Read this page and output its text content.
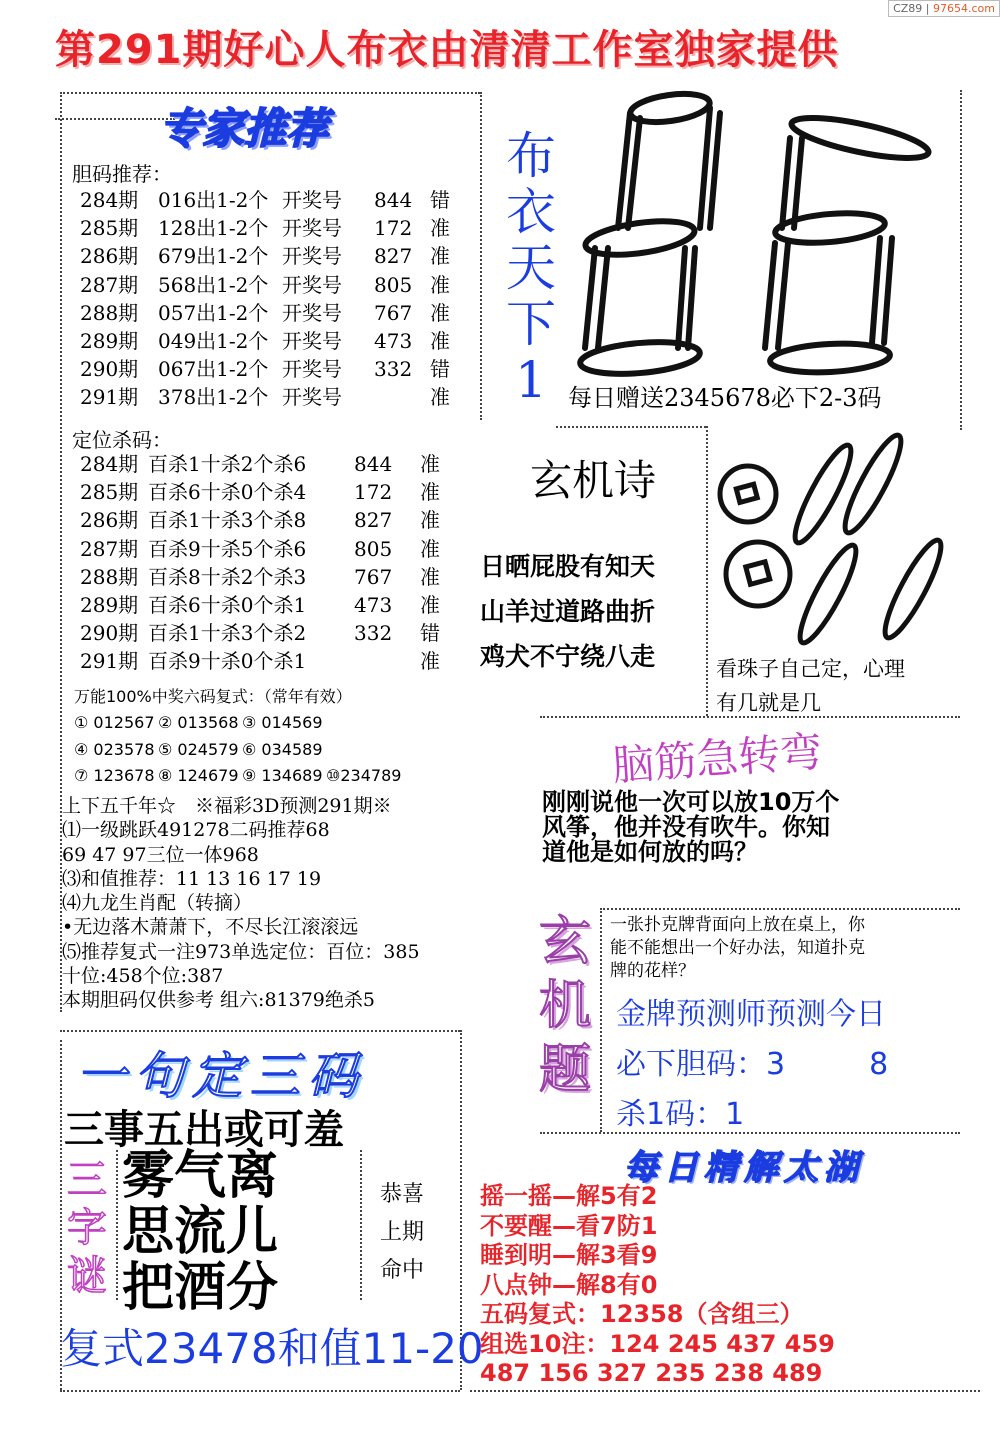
CZ89 | 97654.com
第291期好心人布衣由清清工作室独家提供
专家推荐
胆码推荐：
284期 016出1-2个 开奖号 844 错
285期 128出1-2个 开奖号 172 准
286期 679出1-2个 开奖号 827 准
287期 568出1-2个 开奖号 805 准
288期 057出1-2个 开奖号 767 准
289期 049出1-2个 开奖号 473 准
290期 067出1-2个 开奖号 332 错
291期 378出1-2个 开奖号	准
定位杀码：
284期 百杀1十杀2个杀6 844 准
285期 百杀6十杀0个杀4 172 准
286期 百杀1十杀3个杀8 827 准
287期 百杀9十杀5个杀6 805 准
288期 百杀8十杀2个杀3 767 准
289期 百杀6十杀0个杀1 473 准
290期 百杀1十杀3个杀2 332 错
291期 百杀9十杀0个杀1	准
万能100%中奖六码复式：（常年有效）
① 012567 ② 013568 ③ 014569
④ 023578 ⑤ 024579 ⑥ 034589
⑦ 123678 ⑧ 124679 ⑨ 134689 ⑩234789
上下五千年☆　※福彩3D预测291期※
⑴一级跳跃491278二码推荐68
69 47 97三位一体968
⑶和值推荐：11 13 16 17 19
⑷九龙生肖配（转摘）
•无边落木萧萧下，不尽长江滚滚远
⑸推荐复式一注973单选定位：百位：385
十位:458个位:387
本期胆码仅供参考 组六:81379绝杀5
布
衣
天
下
1 每日赠送2345678必下2-3码
玄机诗
日晒屁股有知天
山羊过道路曲折
鸡犬不宁绕八走	看珠子自己定，心理
有几就是几
脑筋急转弯
刚刚说他一次可以放10万个
风筝，他并没有吹牛。你知
道他是如何放的吗？
玄
机
题
一张扑克牌背面向上放在桌上，你
能不能想出一个好办法，知道扑克
牌的花样？
金牌预测师预测今日
必下胆码：3	8
杀1码：1
每日精解太湖
摇一摇—解5有2
不要醒—看7防1
睡到明—解3看9
八点钟—解8有0
五码复式：12358（含组三）
组选10注：124 245 437 459
487 156 327 235 238 489
一句定三码
三事五出或可羞
三
字
谜
雾气离
思流儿
把酒分
恭喜
上期
命中
复式23478和值11-20
